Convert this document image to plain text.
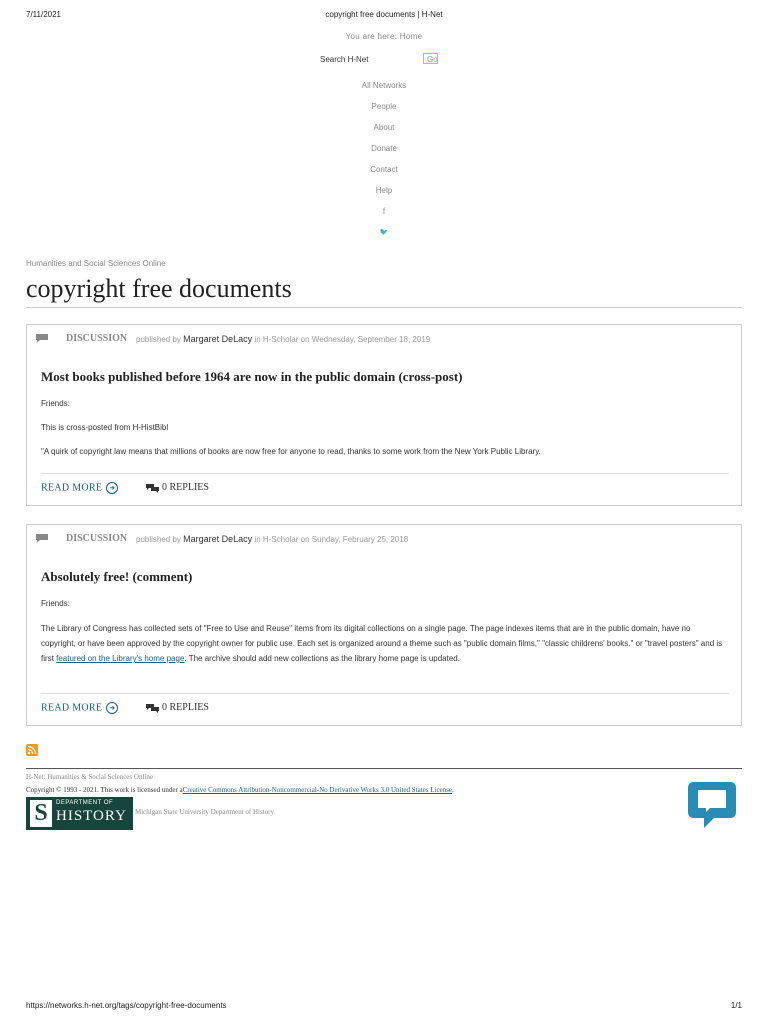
7/11/2021	copyright free documents | H-Net
You are here: Home
Search H-Net	Go
All Networks
People
About
Donate
Contact
Help
f
🐦
Humanities and Social Sciences Online
copyright free documents
DISCUSSION published by Margaret DeLacy in H-Scholar on Wednesday, September 18, 2019
Most books published before 1964 are now in the public domain (cross-post)
Friends:
This is cross-posted from H-HistBibl
"A quirk of copyright law means that millions of books are now free for anyone to read, thanks to some work from the New York Public Library.
READ MORE ➜	0 REPLIES
DISCUSSION published by Margaret DeLacy in H-Scholar on Sunday, February 25, 2018
Absolutely free! (comment)
Friends:
The Library of Congress has collected sets of "Free to Use and Reuse" items from its digital collections on a single page. The page indexes items that are in the public domain, have no copyright, or have been approved by the copyright owner for public use. Each set is organized around a theme such as "public domain films," "classic childrens' books." or "travel posters" and is first featured on the Library's home page. The archive should add new collections as the library home page is updated.
READ MORE ➜	0 REPLIES
H-Net: Humanities & Social Sciences Online
Copyright © 1993 - 2021. This work is licensed under aCreative Commons Attribution-Noncommercial-No Derivative Works 3.0 United States License.
S	DEPARTMENT OF
HISTORY Michigan State University Department of History
https://networks.h-net.org/tags/copyright-free-documents	1/1
